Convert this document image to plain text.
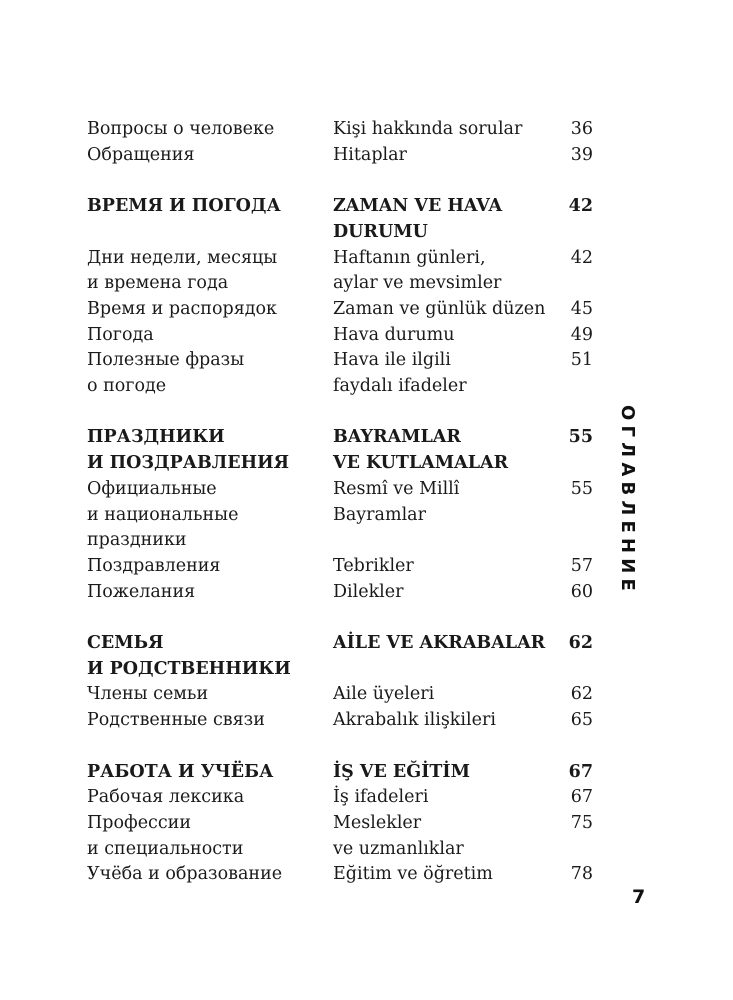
Вопросы о человеке	Kişi hakkında sorular	36
Обращения	Hitaplar	39
ВРЕМЯ И ПОГОДА	ZAMAN VE HAVA	42
DURUMU
Дни недели, месяцы	Haftanın günleri,	42
и времена года	aylar ve mevsimler
Время и распорядок	Zaman ve günlük düzen	45
Погода	Hava durumu	49
Полезные фразы	Hava ile ilgili	51
о погоде	faydalı ifadeler
ПРАЗДНИКИ	BAYRAMLAR	55
И ПОЗДРАВЛЕНИЯ	VE KUTLAMALAR
Официальные	Resmî ve Millî	55
и национальные	Bayramlar
праздники
Поздравления	Tebrikler	57
Пожелания	Dilekler	60
СЕМЬЯ	AİLE VE AKRABALAR	62
И РОДСТВЕННИКИ
Члены семьи	Aile üyeleri	62
Родственные связи	Akrabalık ilişkileri	65
РАБОТА И УЧЁБА	İŞ VE EĞİTİM	67
Рабочая лексика	İş ifadeleri	67
Профессии	Meslekler	75
и специальности	ve uzmanlıklar
Учёба и образование	Eğitim ve öğretim	78
ОГЛАВЛЕНИЕ
7
